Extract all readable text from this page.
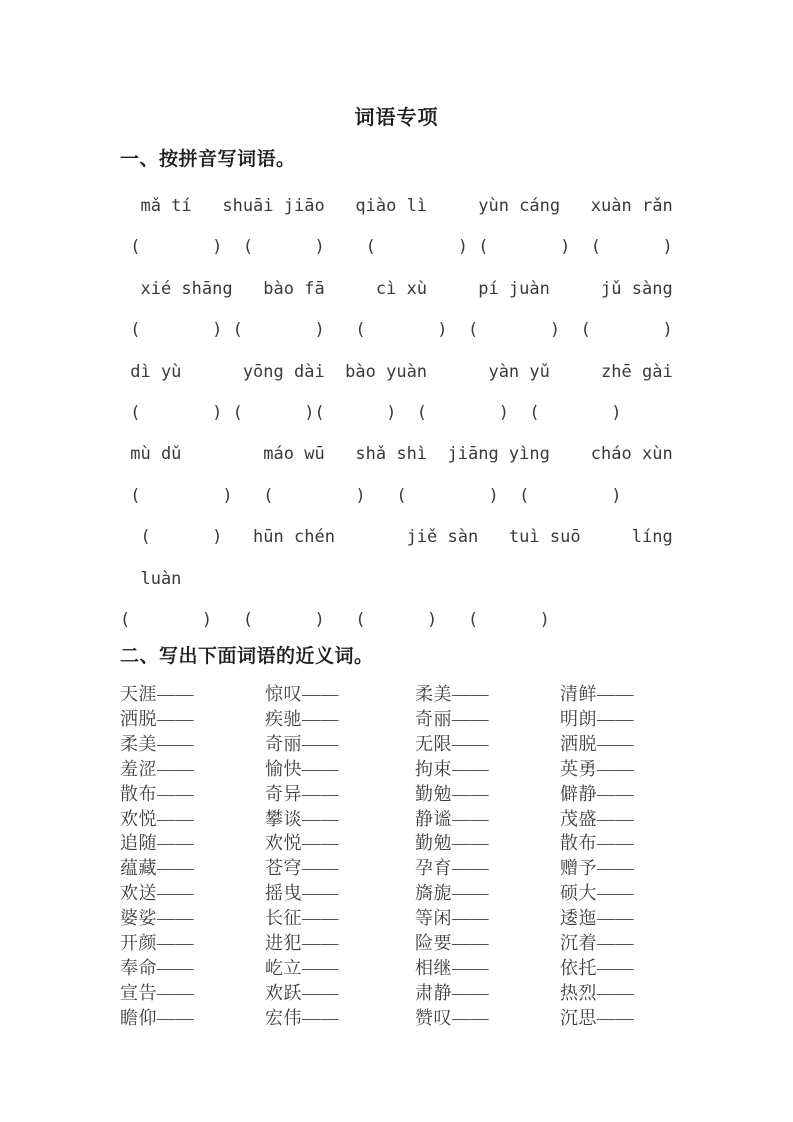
词语专项
一、按拼音写词语。
mǎ tí   shuāi jiāo   qiào lì     yùn cáng   xuàn rǎn
(       )  (      )    (        ) (       )  (      )
xié shāng   bào fā     cì xù     pí juàn     jǔ sàng
(       ) (       )   (       )  (       )  (       )
dì yù      yōng dài  bào yuàn      yàn yǔ     zhē gài
(       ) (      )(      )  (       )  (       )
mù dǔ        máo wū   shǎ shì  jiāng yìng    cháo xùn
(        )   (        )   (        )  (        )
(      )   hūn chén       jiě sàn   tuì suō     líng
luàn
(       )   (      )   (      )   (      )
二、写出下面词语的近义词。
天涯——	惊叹——	柔美——	清鲜——
洒脱——	疾驰——	奇丽——	明朗——
柔美——	奇丽——	无限——	洒脱——
羞涩——	愉快——	拘束——	英勇——
散布——	奇异——	勤勉——	僻静——
欢悦——	攀谈——	静谧——	茂盛——
追随——	欢悦——	勤勉——	散布——
蕴藏——	苍穹——	孕育——	赠予——
欢送——	摇曳——	旖旎——	硕大——
婆娑——	长征——	等闲——	逶迤——
开颜——	进犯——	险要——	沉着——
奉命——	屹立——	相继——	依托——
宣告——	欢跃——	肃静——	热烈——
瞻仰——	宏伟——	赞叹——	沉思——
